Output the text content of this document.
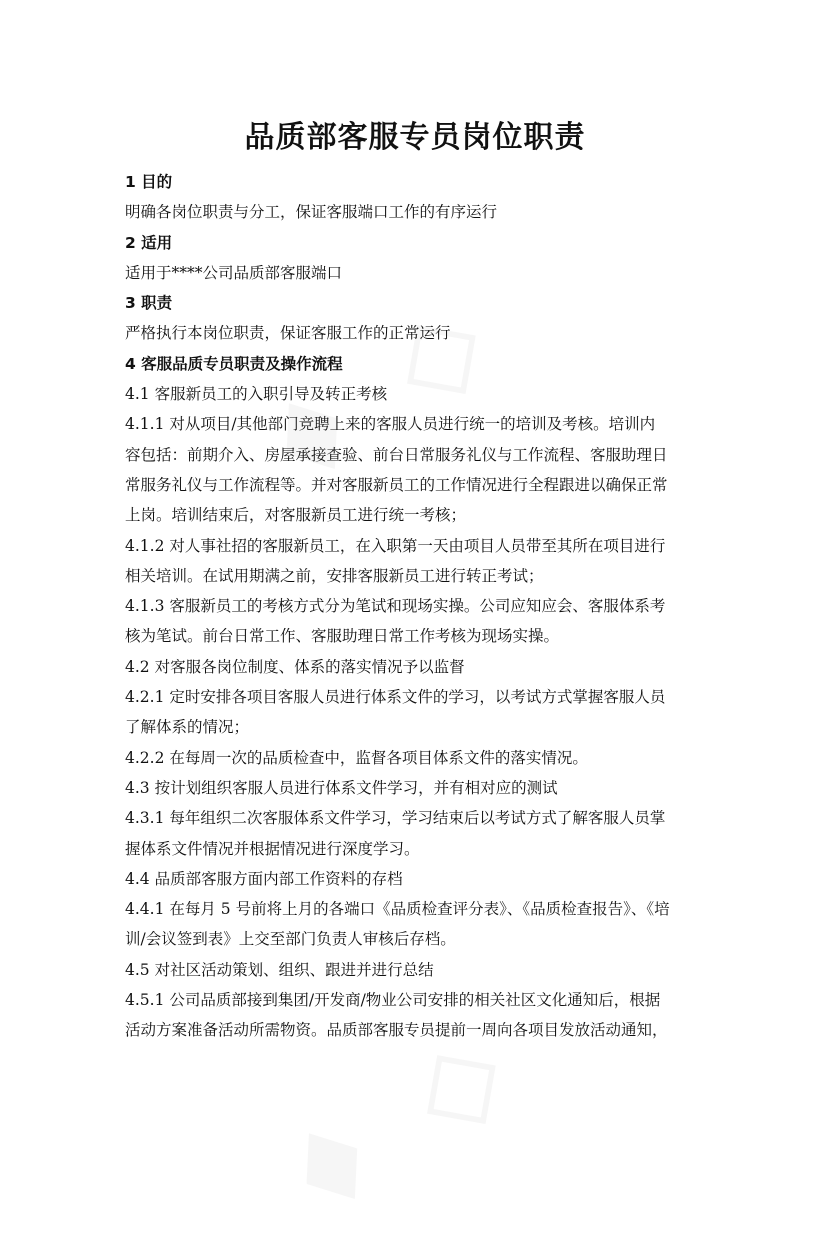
品质部客服专员岗位职责

1 目的

明确各岗位职责与分工，保证客服端口工作的有序运行

2 适用

适用于****公司品质部客服端口

3 职责

严格执行本岗位职责，保证客服工作的正常运行

4 客服品质专员职责及操作流程

4.1 客服新员工的入职引导及转正考核

4.1.1 对从项目/其他部门竞聘上来的客服人员进行统一的培训及考核。培训内

容包括：前期介入、房屋承接查验、前台日常服务礼仪与工作流程、客服助理日

常服务礼仪与工作流程等。并对客服新员工的工作情况进行全程跟进以确保正常

上岗。培训结束后，对客服新员工进行统一考核；

4.1.2 对人事社招的客服新员工，在入职第一天由项目人员带至其所在项目进行

相关培训。在试用期满之前，安排客服新员工进行转正考试；

4.1.3 客服新员工的考核方式分为笔试和现场实操。公司应知应会、客服体系考

核为笔试。前台日常工作、客服助理日常工作考核为现场实操。

4.2 对客服各岗位制度、体系的落实情况予以监督

4.2.1 定时安排各项目客服人员进行体系文件的学习，以考试方式掌握客服人员

了解体系的情况；

4.2.2 在每周一次的品质检查中，监督各项目体系文件的落实情况。

4.3 按计划组织客服人员进行体系文件学习，并有相对应的测试

4.3.1 每年组织二次客服体系文件学习，学习结束后以考试方式了解客服人员掌

握体系文件情况并根据情况进行深度学习。

4.4 品质部客服方面内部工作资料的存档

4.4.1 在每月 5 号前将上月的各端口《品质检查评分表》、《品质检查报告》、《培

训/会议签到表》上交至部门负责人审核后存档。

4.5 对社区活动策划、组织、跟进并进行总结

4.5.1 公司品质部接到集团/开发商/物业公司安排的相关社区文化通知后，根据

活动方案准备活动所需物资。品质部客服专员提前一周向各项目发放活动通知，
